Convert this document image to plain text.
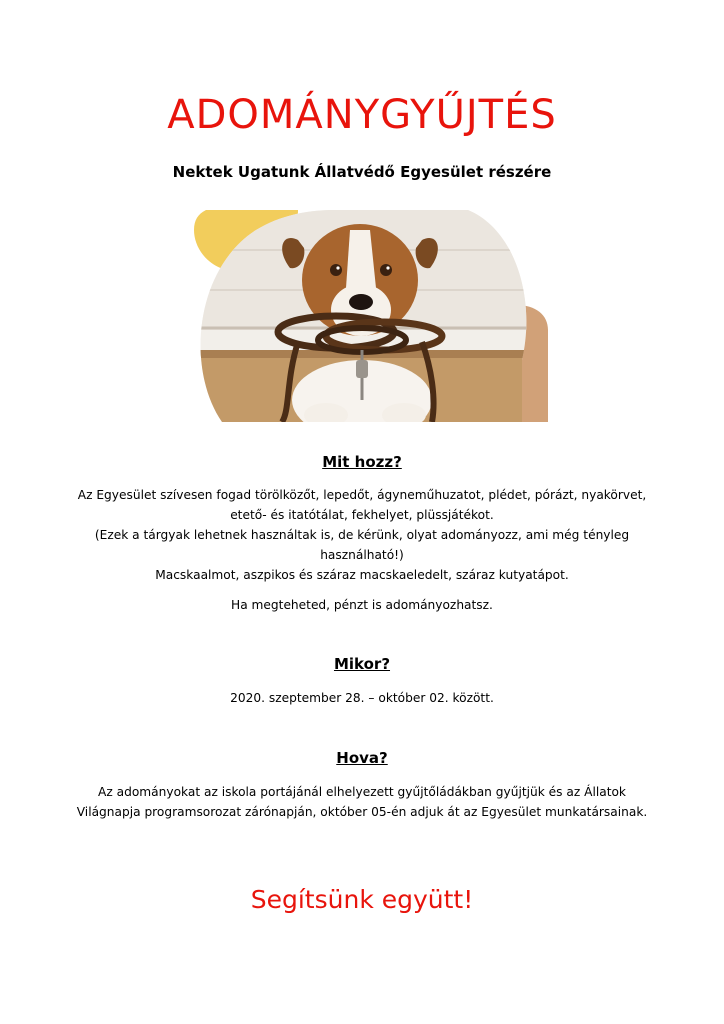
ADOMÁNYGYŰJTÉS
Nektek Ugatunk Állatvédő Egyesület részére
Mit hozz?

Az Egyesület szívesen fogad törölközőt, lepedőt, ágyneműhuzatot, plédet, pórázt, nyakörvet, etető- és itatótálat, fekhelyet, plüssjátékot.

(Ezek a tárgyak lehetnek használtak is, de kérünk, olyat adományozz, ami még tényleg használható!)

Macskaalmot, aszpikos és száraz macskaeledelt, száraz kutyatápot.

Ha megteheted, pénzt is adományozhatsz.

Mikor?

2020. szeptember 28. – október 02. között.

Hova?

Az adományokat az iskola portájánál elhelyezett gyűjtőládákban gyűjtjük és az Állatok Világnapja programsorozat zárónapján, október 05-én adjuk át az Egyesület munkatársainak.

Segítsünk együtt!
